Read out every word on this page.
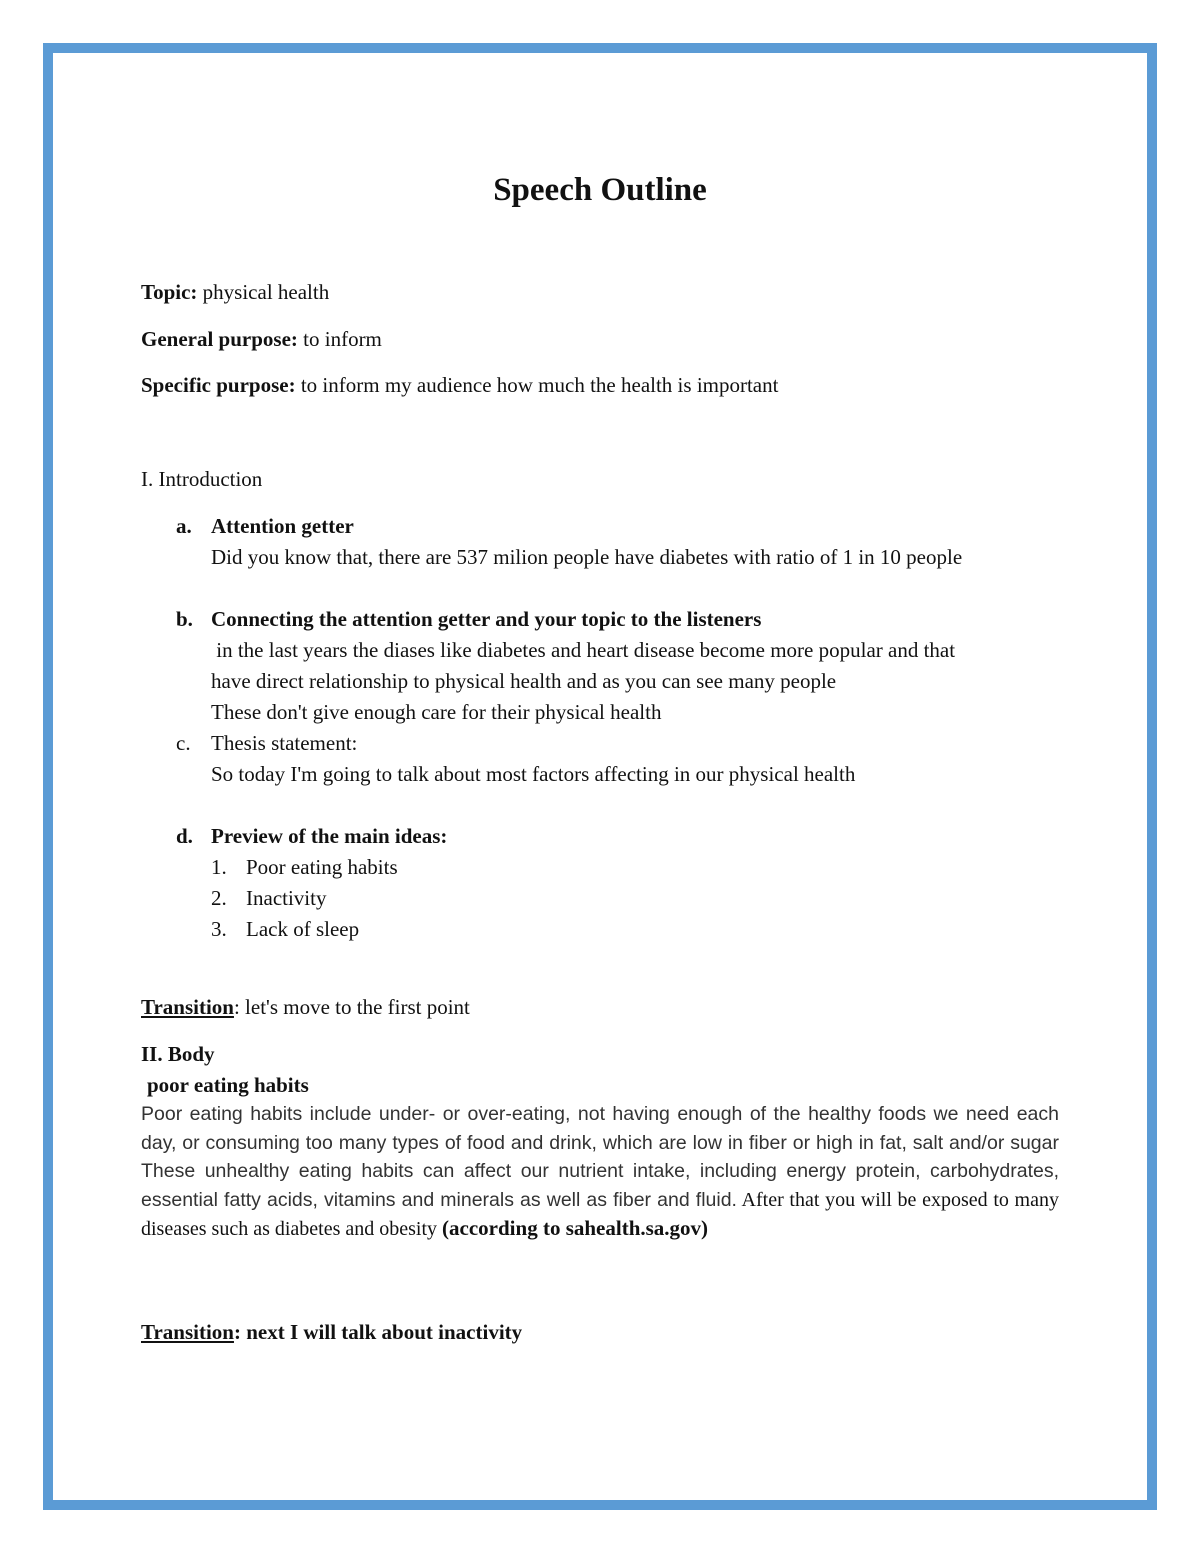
Speech Outline
Topic: physical health
General purpose: to inform
Specific purpose: to inform my audience how much the health is important
I. Introduction
a. Attention getter
Did you know that, there are 537 milion people have diabetes with ratio of 1 in 10 people
b. Connecting the attention getter and your topic to the listeners
in the last years the diases like diabetes and heart disease become more popular and that
have direct relationship to physical health and as you can see many people
These don't give enough care for their physical health
c. Thesis statement:
So today I'm going to talk about most factors affecting in our physical health
d. Preview of the main ideas:
1. Poor eating habits
2. Inactivity
3. Lack of sleep
Transition: let's move to the first point
II. Body
poor eating habits
Poor eating habits include under- or over-eating, not having enough of the healthy foods we need each day, or consuming too many types of food and drink, which are low in fiber or high in fat, salt and/or sugar These unhealthy eating habits can affect our nutrient intake, including energy protein, carbohydrates, essential fatty acids, vitamins and minerals as well as fiber and fluid. After that you will be exposed to many diseases such as diabetes and obesity (according to sahealth.sa.gov)
Transition: next I will talk about inactivity
